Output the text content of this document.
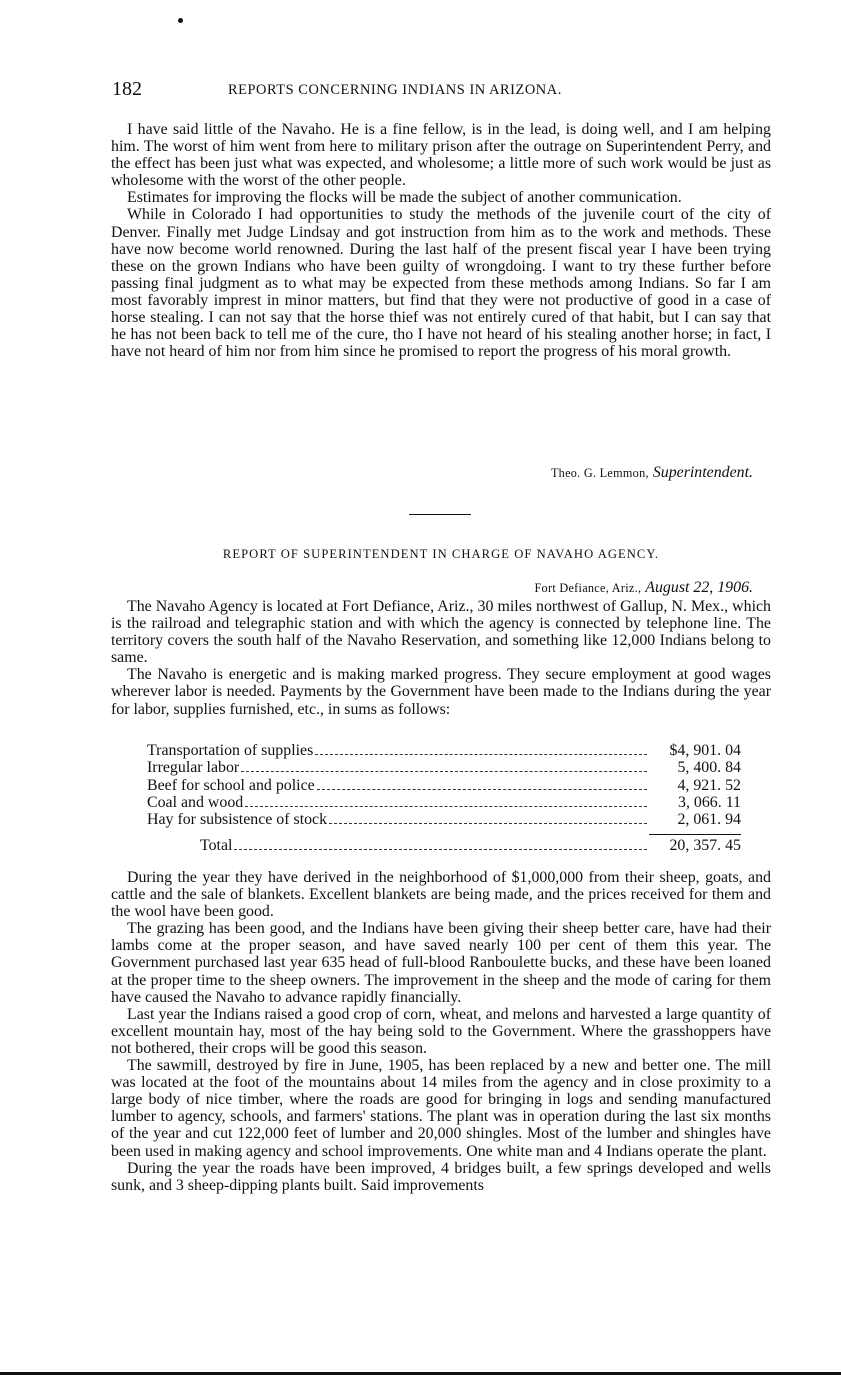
182	REPORTS CONCERNING INDIANS IN ARIZONA.

I have said little of the Navaho. He is a fine fellow, is in the lead, is doing well, and I am helping him. The worst of him went from here to military prison after the outrage on Superintendent Perry, and the effect has been just what was expected, and wholesome; a little more of such work would be just as wholesome with the worst of the other people.

Estimates for improving the flocks will be made the subject of another communication.

While in Colorado I had opportunities to study the methods of the juvenile court of the city of Denver. Finally met Judge Lindsay and got instruction from him as to the work and methods. These have now become world renowned. During the last half of the present fiscal year I have been trying these on the grown Indians who have been guilty of wrongdoing. I want to try these further before passing final judgment as to what may be expected from these methods among Indians. So far I am most favorably imprest in minor matters, but find that they were not productive of good in a case of horse stealing. I can not say that the horse thief was not entirely cured of that habit, but I can say that he has not been back to tell me of the cure, tho I have not heard of his stealing another horse; in fact, I have not heard of him nor from him since he promised to report the progress of his moral growth.

Theo. G. Lemmon, Superintendent.
REPORT OF SUPERINTENDENT IN CHARGE OF NAVAHO AGENCY.
Fort Defiance, Ariz., August 22, 1906.

The Navaho Agency is located at Fort Defiance, Ariz., 30 miles northwest of Gallup, N. Mex., which is the railroad and telegraphic station and with which the agency is connected by telephone line. The territory covers the south half of the Navaho Reservation, and something like 12,000 Indians belong to same.

The Navaho is energetic and is making marked progress. They secure employment at good wages wherever labor is needed. Payments by the Government have been made to the Indians during the year for labor, supplies furnished, etc., in sums as follows:

Transportation of supplies	$4, 901. 04
Irregular labor	5, 400. 84
Beef for school and police	4, 921. 52
Coal and wood	3, 066. 11
Hay for subsistence of stock	2, 061. 94
Total	20, 357. 45

During the year they have derived in the neighborhood of $1,000,000 from their sheep, goats, and cattle and the sale of blankets. Excellent blankets are being made, and the prices received for them and the wool have been good.

The grazing has been good, and the Indians have been giving their sheep better care, have had their lambs come at the proper season, and have saved nearly 100 per cent of them this year. The Government purchased last year 635 head of full-blood Ranboulette bucks, and these have been loaned at the proper time to the sheep owners. The improvement in the sheep and the mode of caring for them have caused the Navaho to advance rapidly financially.

Last year the Indians raised a good crop of corn, wheat, and melons and harvested a large quantity of excellent mountain hay, most of the hay being sold to the Government. Where the grasshoppers have not bothered, their crops will be good this season.

The sawmill, destroyed by fire in June, 1905, has been replaced by a new and better one. The mill was located at the foot of the mountains about 14 miles from the agency and in close proximity to a large body of nice timber, where the roads are good for bringing in logs and sending manufactured lumber to agency, schools, and farmers' stations. The plant was in operation during the last six months of the year and cut 122,000 feet of lumber and 20,000 shingles. Most of the lumber and shingles have been used in making agency and school improvements. One white man and 4 Indians operate the plant.

During the year the roads have been improved, 4 bridges built, a few springs developed and wells sunk, and 3 sheep-dipping plants built. Said improvements
